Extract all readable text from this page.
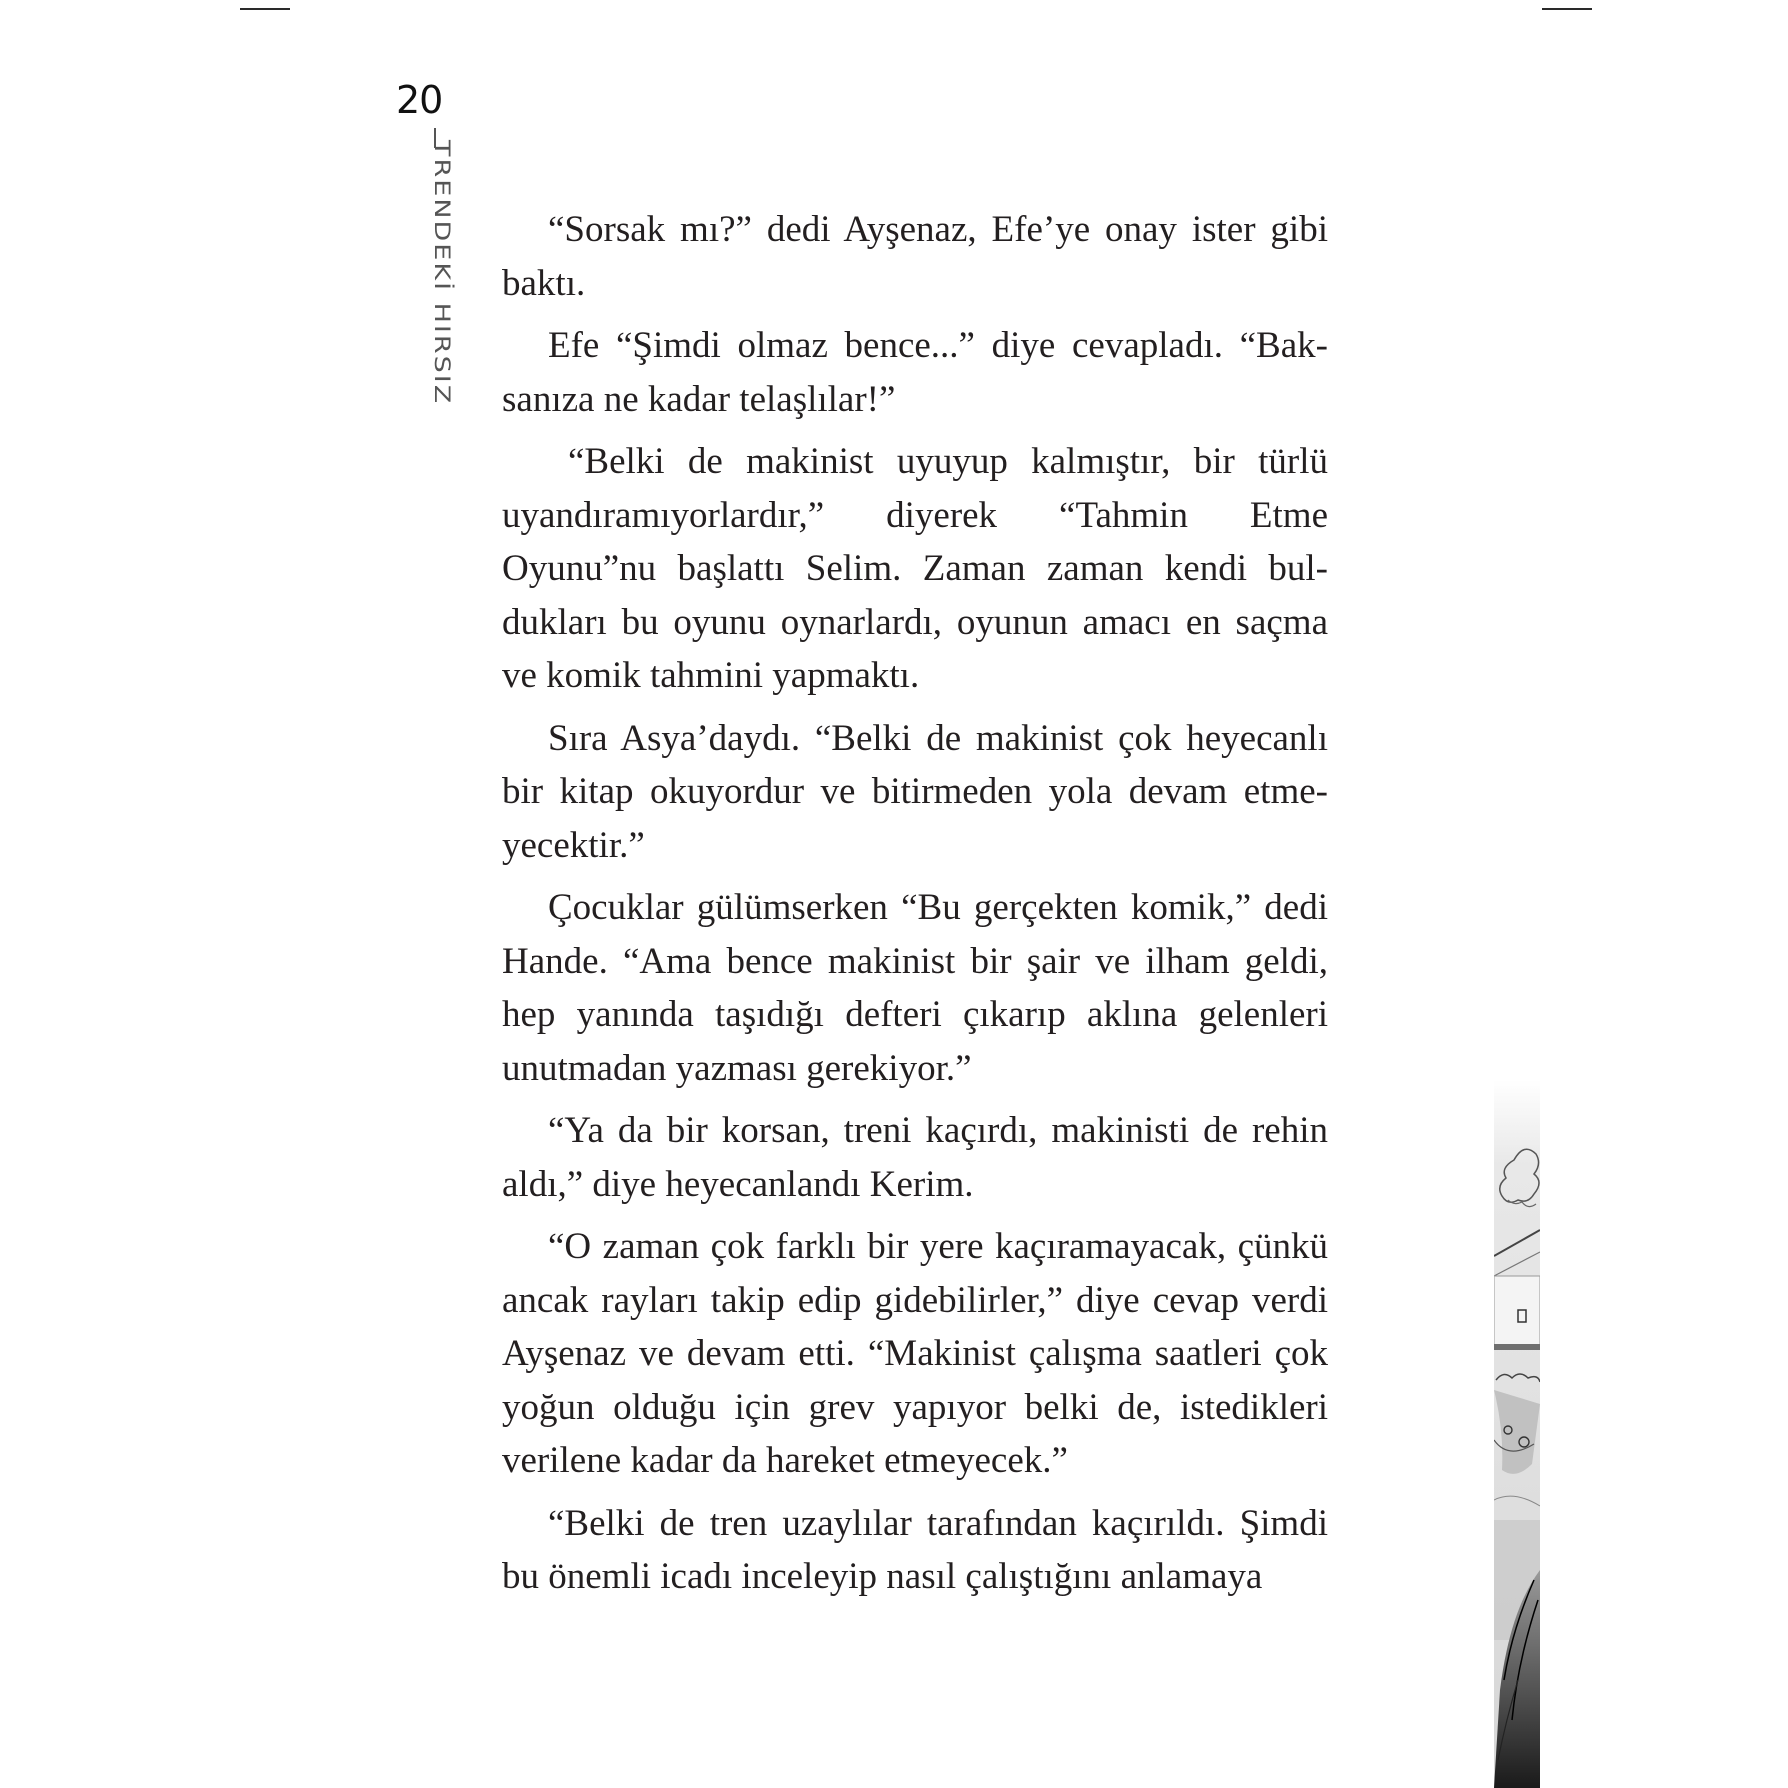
20
TRENDEKİ HIRSIZ	“Sorsak mı?” dedi Ayşenaz, Efe’ye onay ister gibi baktı.

Efe “Şimdi olmaz bence...” diye cevapladı. “Baksanıza ne kadar telaşlılar!”

“Belki de makinist uyuyup kalmıştır, bir türlü uyandıramıyorlardır,” diyerek “Tahmin Etme Oyunu”nu başlattı Selim. Zaman zaman kendi buldukları bu oyunu oynarlardı, oyunun amacı en saçma ve komik tahmini yapmaktı.

Sıra Asya’daydı. “Belki de makinist çok heyecanlı bir kitap okuyordur ve bitirmeden yola devam etmeyecektir.”

Çocuklar gülümserken “Bu gerçekten komik,” dedi Hande. “Ama bence makinist bir şair ve ilham geldi, hep yanında taşıdığı defteri çıkarıp aklına gelenleri unutmadan yazması gerekiyor.”

“Ya da bir korsan, treni kaçırdı, makinisti de rehin aldı,” diye heyecanlandı Kerim.

“O zaman çok farklı bir yere kaçıramayacak, çünkü ancak rayları takip edip gidebilirler,” diye cevap verdi Ayşenaz ve devam etti. “Makinist çalışma saatleri çok yoğun olduğu için grev yapıyor belki de, istedikleri verilene kadar da hareket etmeyecek.”

“Belki de tren uzaylılar tarafından kaçırıldı. Şimdi bu önemli icadı inceleyip nasıl çalıştığını anlamaya
